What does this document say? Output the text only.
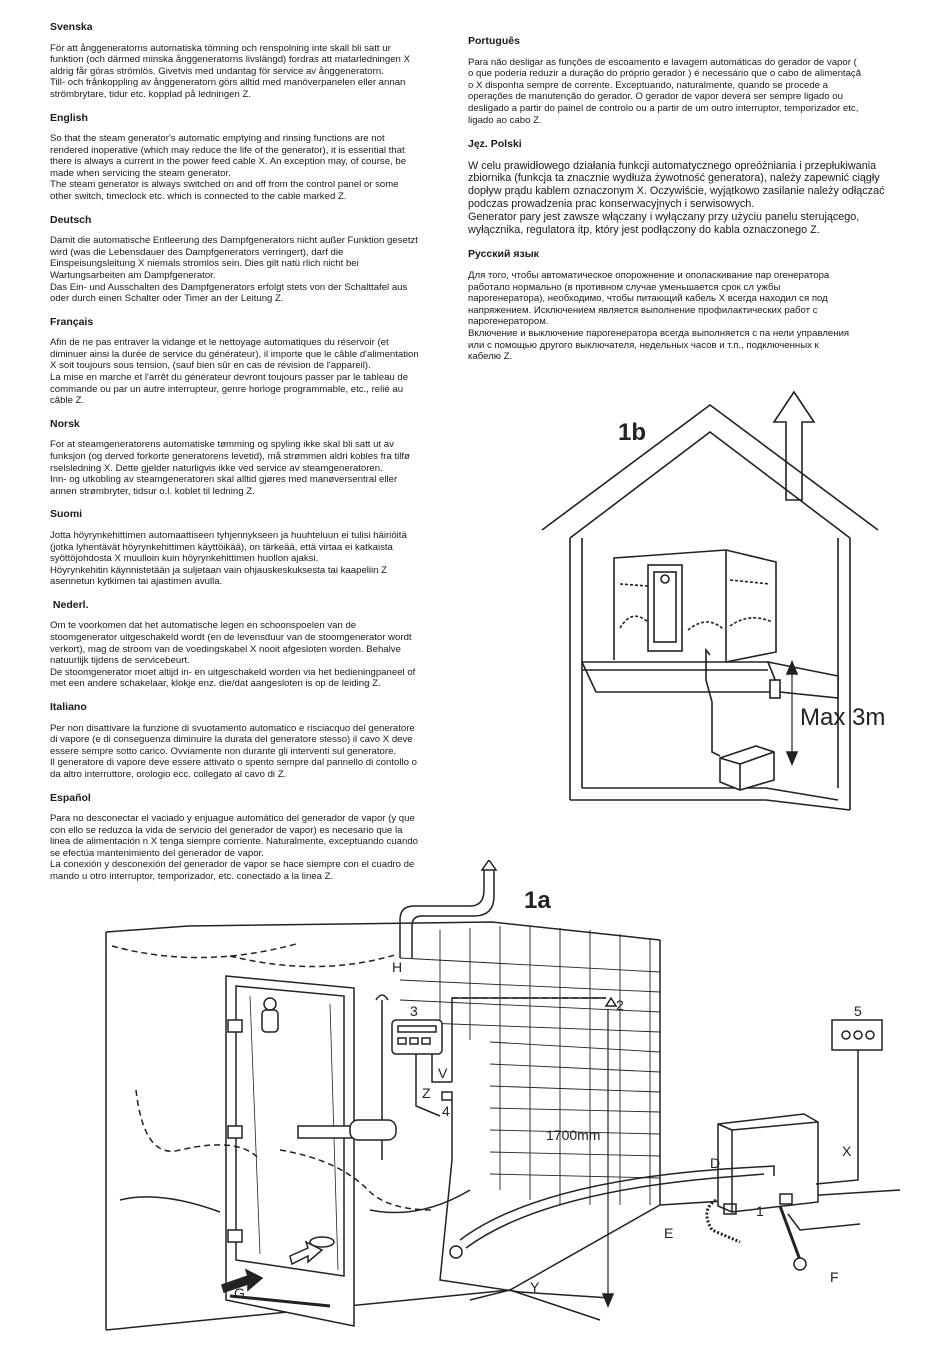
Svenska

För att ånggeneratorns automatiska tömning och renspolning inte skall bli satt ur
funktion (och därmed minska ånggeneratorns livslängd) fordras att matarledningen X
aldrig får göras strömlös. Givetvis med undantag för service av ånggeneratorn.
Till- och frånkoppling av ånggeneratorn görs alltid med manöverpanelen eller annan
strömbrytare, tidur etc. kopplad på ledningen Z.

English

So that the steam generator's automatic emptying and rinsing functions are not
rendered inoperative (which may reduce the life of the generator), it is essential that
there is always a current in the power feed cable X. An exception may, of course, be
made when servicing the steam generator.
The steam generator is always switched on and off from the control panel or some
other switch, timeclock etc. which is connected to the cable marked Z.

Deutsch

Damit die automatische Entleerung des Dampfgenerators nicht außer Funktion gesetzt
wird (was die Lebensdauer des Dampfgenerators verringert), darf die
Einspeisungsleitung X niemals stromlos sein. Dies gilt natü rlich nicht bei
Wartungsarbeiten am Dampfgenerator.
Das Ein- und Ausschalten des Dampfgenerators erfolgt stets von der Schalttafel aus
oder durch einen Schalter oder Timer an der Leitung Z.

Français

Afin de ne pas entraver la vidange et le nettoyage automatiques du réservoir (et
diminuer ainsi la durée de service du générateur), il importe que le câble d'alimentation
X soit toujours sous tension, (sauf bien sûr en cas de révision de l'appareil).
La mise en marche et l'arrêt du générateur devront toujours passer par le tableau de
commande ou par un autre interrupteur, genre horloge programmable, etc., relié au
câble Z.

Norsk

For at steamgeneratorens automatiske tømming og spyling ikke skal bli satt ut av
funksjon (og derved forkorte generatorens levetid), må strømmen aldri kobles fra tilfø
rselsledning X. Dette gjelder naturligvis ikke ved service av steamgeneratoren.
Inn- og utkobling av steamgeneratoren skal alltid gjøres med manøversentral eller
annen strømbryter, tidsur o.l. koblet til ledning Z.

Suomi

Jotta höyrynkehittimen automaattiseen tyhjennykseen ja huuhteluun ei tulisi häiriöitä
(jotka lyhentävät höyrynkehittimen käyttöikää), on tärkeää, että virtaa ei katkaista
syöttöjohdosta X muulloin kuin höyrynkehittimen huollon ajaksi.
Höyrynkehitin käynnistetään ja suljetaan vain ohjauskeskuksesta tai kaapeliin Z
asennetun kytkimen tai ajastimen avulla.

Nederl.

Om te voorkomen dat het automatische legen en schoonspoelen van de
stoomgenerator uitgeschakeld wordt (en de levensduur van de stoomgenerator wordt
verkort), mag de stroom van de voedingskabel X nooit afgesloten worden. Behalve
natuurlijk tijdens de servicebeurt.
De stoomgenerator moet altijd in- en uitgeschakeld worden via het bedieningpaneel of
met een andere schakelaar, klokje enz. die/dat aangesloten is op de leiding Z.

Italiano

Per non disattivare la funzione di svuotamento automatico e risciacquo del generatore
di vapore (e di conseguenza diminuire la durata del generatore stesso) il cavo X deve
essere sempre sotto carico. Ovviamente non durante gli interventi sul generatore.
Il generatore di vapore deve essere attivato o spento sempre dal pannello di contollo o
da altro interruttore, orologio ecc. collegato al cavo di Z.

Español

Para no desconectar el vaciado y enjuague automático del generador de vapor (y que
con ello se reduzca la vida de servicio del generador de vapor) es necesario que la
linea de alimentación n X tenga siempre corriente. Naturalmente, exceptuando cuando
se efectúa mantenimiento del generador de vapor.
La conexión y desconexión del generador de vapor se hace siempre con el cuadro de
mando u otro interruptor, temporizador, etc. conectado a la linea Z.

Português

Para não desligar as funções de escoamento e lavagem automáticas do gerador de vapor (
o que poderia reduzir a duração do próprio gerador ) é necessário que o cabo de alimentaçã
o X disponha sempre de corrente. Exceptuando, naturalmente, quando se procede a
operações de manutenção do gerador. O gerador de vapor deverá ser sempre ligado ou
desligado a partir do painel de controlo ou a partir de um outro interruptor, temporizador etc,
ligado ao cabo Z.

Jęz. Polski

W celu prawidłowego działania funkcji automatycznego opreóżniania i przepłukiwania
zbiornika (funkcja ta znacznie wydłuża żywotność generatora), należy zapewnić ciągły
dopływ prądu kablem oznaczonym X. Oczywiście, wyjątkowo zasilanie należy odłączać
podczas prowadzenia prac konserwacyjnych i serwisowych.
Generator pary jest zawsze włączany i wyłączany przy użyciu panelu sterującego,
wyłącznika, regulatora itp, który jest podłączony do kabla oznaczonego Z.

Русский язык

Для того, чтобы автоматическое опорожнение и ополаскивание пар огенератора
работало нормально (в противном случае уменьшается срок сл ужбы
парогенератора), необходимо, чтобы питающий кабель X всегда находил ся под
напряжением. Исключением является выполнение профилактических работ с
парогенератором.
Включение и выключение парогенератора всегда выполняется с па нели управления
или с помощью другого выключателя, недельных часов и т.п., подключенных к
кабелю Z.

1b
Max 3m
1a
H
3	2	5
V
Z
4
1700mm
D
X
1
E
Y
F
G
